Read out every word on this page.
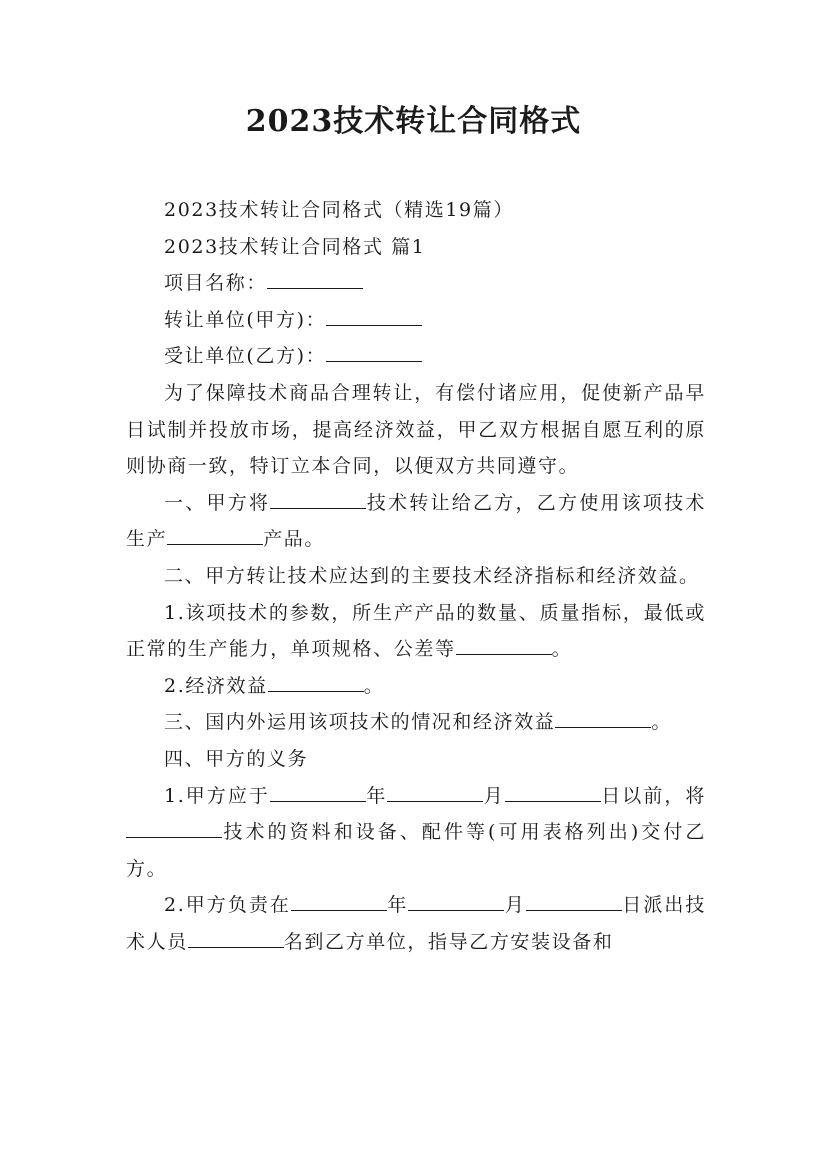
2023技术转让合同格式

2023技术转让合同格式（精选19篇）

2023技术转让合同格式 篇1

项目名称：

转让单位(甲方)：

受让单位(乙方)：

为了保障技术商品合理转让，有偿付诸应用，促使新产品早日试制并投放市场，提高经济效益，甲乙双方根据自愿互利的原则协商一致，特订立本合同，以便双方共同遵守。

一、甲方将	技术转让给乙方，乙方使用该项技术生产	产品。

二、甲方转让技术应达到的主要技术经济指标和经济效益。

1.该项技术的参数，所生产产品的数量、质量指标，最低或正常的生产能力，单项规格、公差等	。

2.经济效益	。

三、国内外运用该项技术的情况和经济效益	。

四、甲方的义务

1.甲方应于	年	月	日以前，将技术的资料和设备、配件等(可用表格列出)交付乙方。

2.甲方负责在	年	月	日派出技术人员	名到乙方单位，指导乙方安装设备和
